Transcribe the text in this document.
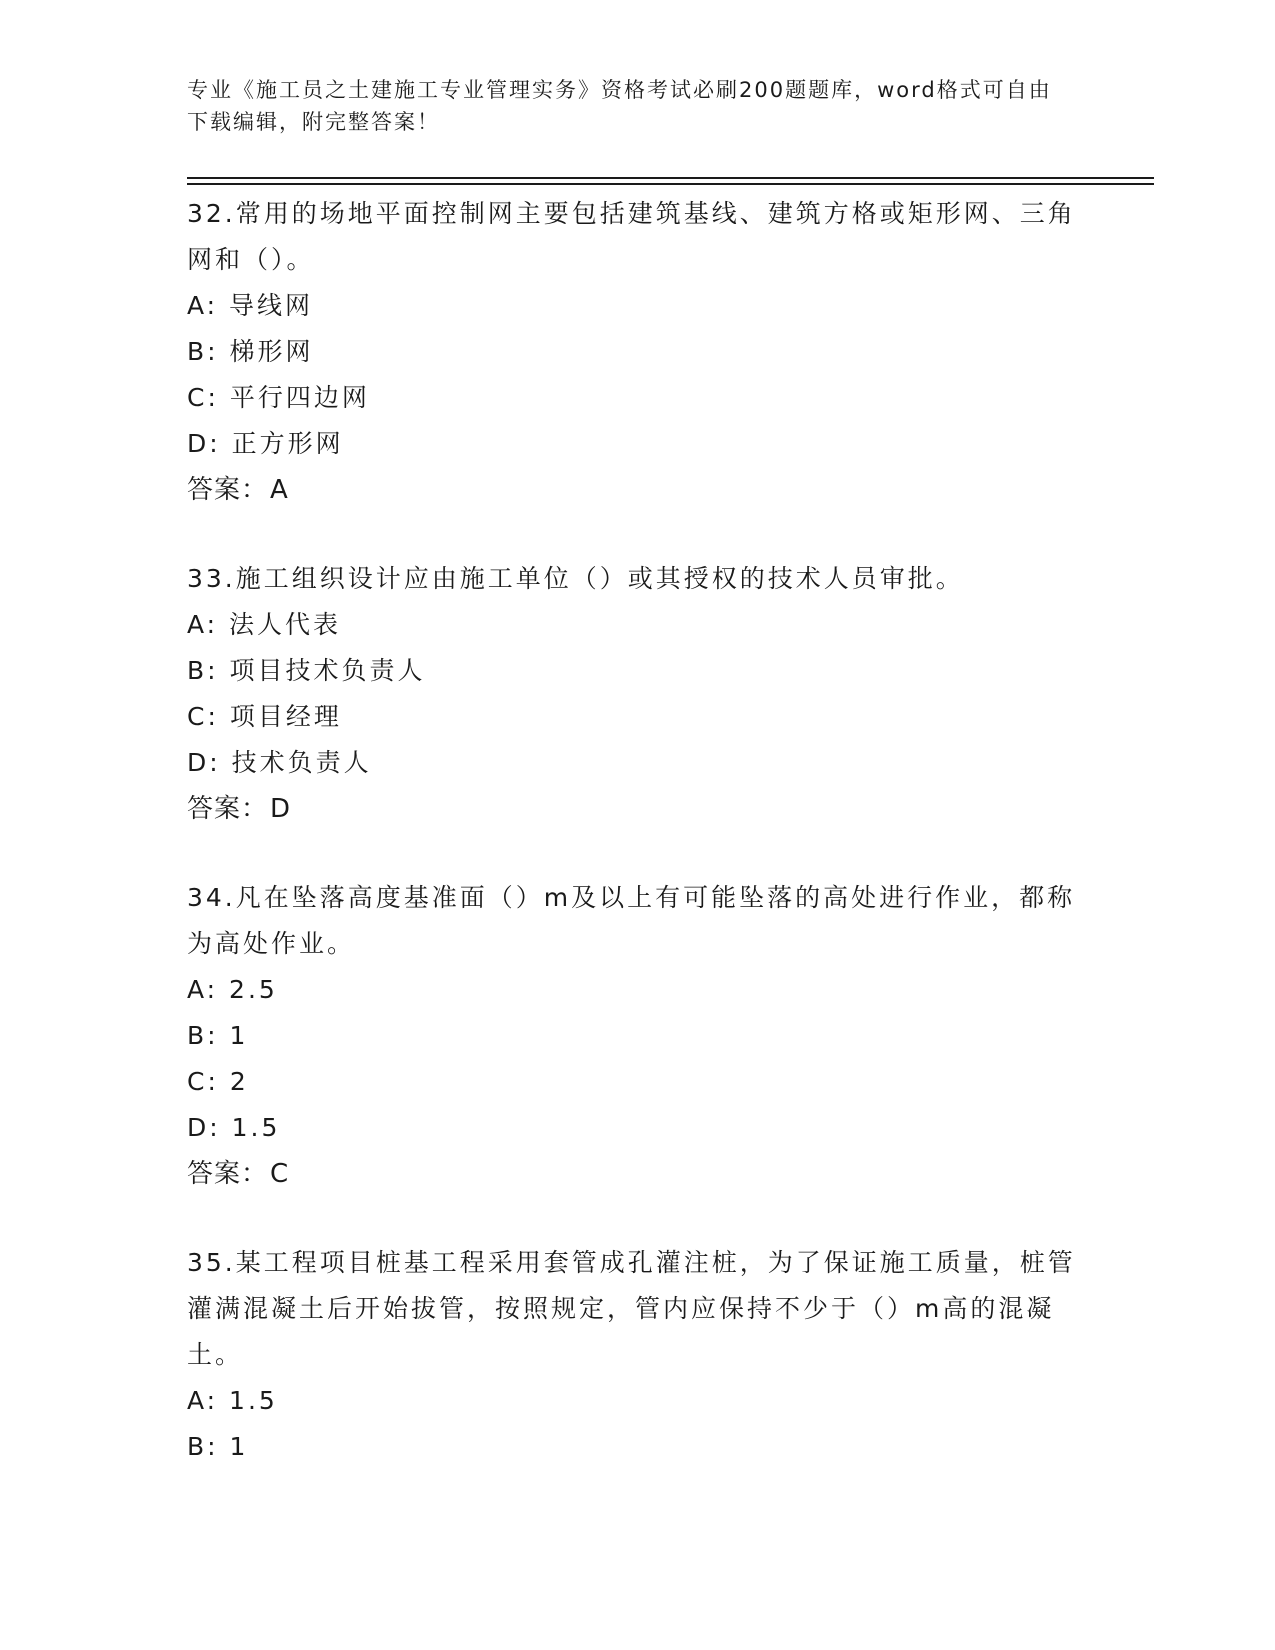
专业《施工员之土建施工专业管理实务》资格考试必刷200题题库，word格式可自由下载编辑，附完整答案！

32.常用的场地平面控制网主要包括建筑基线、建筑方格或矩形网、三角网和（）。

A: 导线网

B: 梯形网

C: 平行四边网

D: 正方形网

答案：A

33.施工组织设计应由施工单位（）或其授权的技术人员审批。

A: 法人代表

B: 项目技术负责人

C: 项目经理

D: 技术负责人

答案：D

34.凡在坠落高度基准面（）m及以上有可能坠落的高处进行作业，都称为高处作业。

A: 2.5

B: 1

C: 2

D: 1.5

答案：C

35.某工程项目桩基工程采用套管成孔灌注桩，为了保证施工质量，桩管灌满混凝土后开始拔管，按照规定，管内应保持不少于（）m高的混凝土。

A: 1.5

B: 1
